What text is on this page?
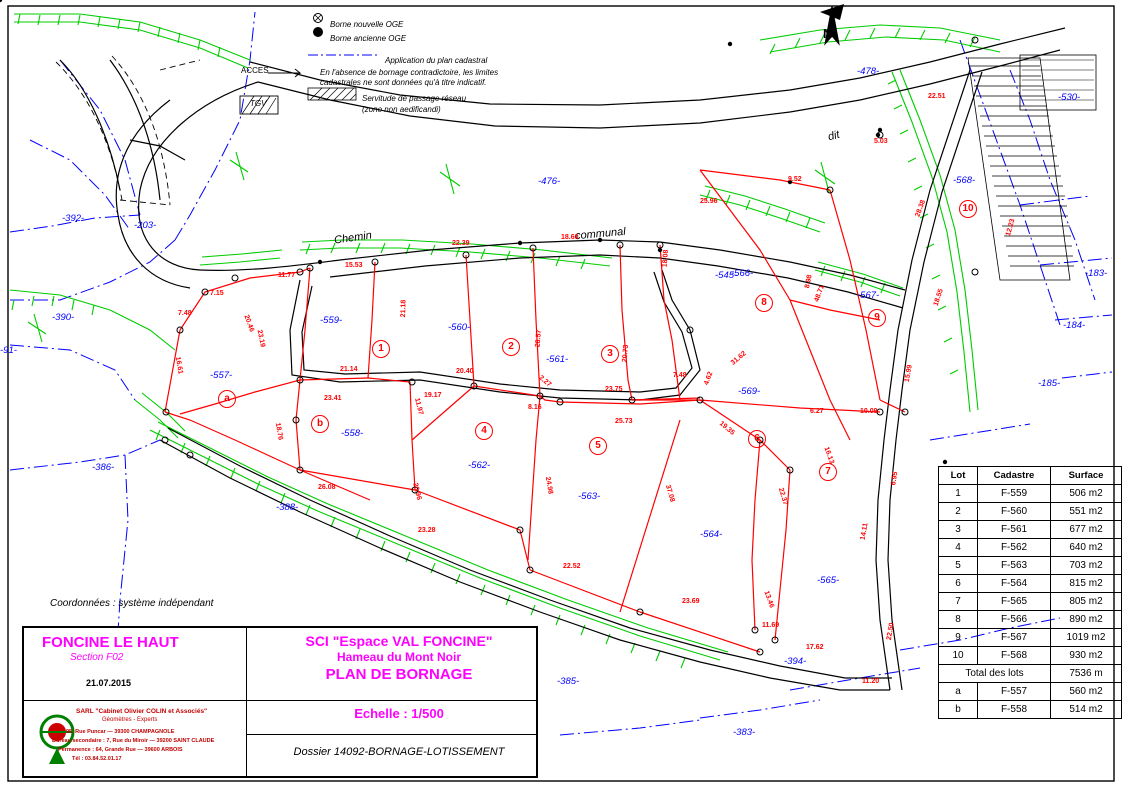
Borne nouvelle OGE
Borne ancienne OGE
Application du plan cadastral
En l'absence de bornage contradictoire, les limites cadastrales ne sont données qu'à titre indicatif.
Servitude de passage réseau
(zone non aedificandi)
ACCES
TGV
N
Chemin	communal
dit
1	2
3
4
5
6
7
8
9
10
a
b
-392-
-203-
-390-
-91-
-386-
-388-
-557-
-558-
-559-
-560-
-561-
-562-
-563-
-564-
-565-
-566-
-567-
-568-
-530-
-478-
-476-
-183-
-184-
-185-
-385-
-383-
-394-
-569-
-545-
11.77
15.53
22.39
18.60
25.96
22.51
5.03
7.15
7.48
20.46
23.19
16.61
21.18
20.40
28.57
20.73
18.08
48.71
28.38
18.55
21.14
19.17
23.41	11.97
23.75
25.73
7.48 4.62
31.62
15.99
6.27	10.09
18.76
24.98	37.08
19.35
16.13
22.37
26.08	20.96
23.28
22.52
23.69	13.46
11.69
17.62
22.50
11.20
8.98
9.52
12.23
8.16
2.27
6.95
14.11
Coordonnées : système indépendant
Lot	Cadastre	Surface
1	F-559	506 m2
2	F-560	551 m2
3	F-561	677 m2
4	F-562	640 m2
5	F-563	703 m2
6	F-564	815 m2
7	F-565	805 m2
8	F-566	890 m2
9	F-567	1019 m2
10	F-568	930 m2
Total des lots		7536 m
a	F-557	560 m2
b	F-558	514 m2
FONCINE LE HAUT
Section F02
21.07.2015
SARL "Cabinet Olivier COLIN et Associés"
Géomètres - Experts
95, Rue Puncar — 39300 CHAMPAGNOLE
Bureau secondaire : 7, Rue du Miroir — 39200 SAINT CLAUDE
Permanence : 64, Grande Rue — 39600 ARBOIS
Tél : 03.84.52.01.17
SCI "Espace VAL FONCINE"
Hameau du Mont Noir
PLAN DE BORNAGE
Echelle : 1/500
Dossier 14092-BORNAGE-LOTISSEMENT
